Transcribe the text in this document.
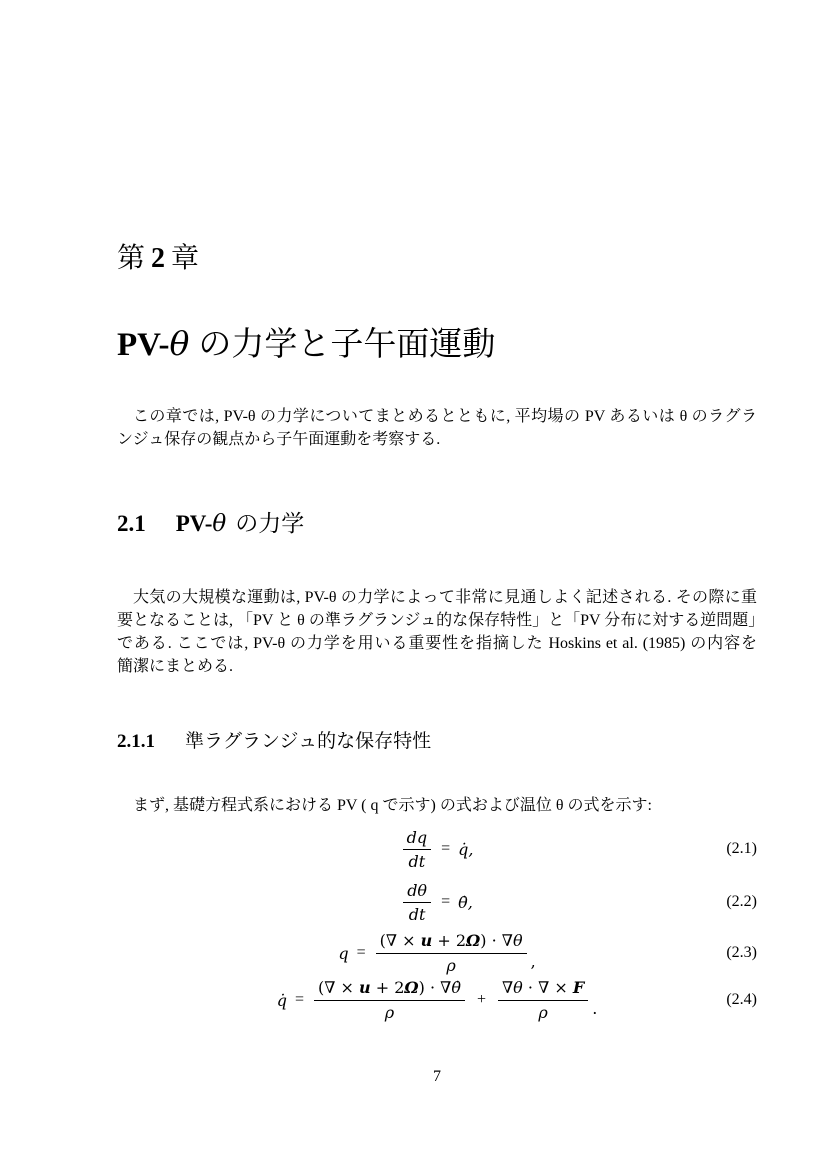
第 2 章
PV-θ の力学と子午面運動
この章では, PV-θ の力学についてまとめるとともに, 平均場の PV あるいは θ のラグラ
ンジュ保存の観点から子午面運動を考察する.
2.1 PV-θ の力学
大気の大規模な運動は, PV-θ の力学によって非常に見通しよく記述される. その際に重
要となることは, 「PV と θ の準ラグランジュ的な保存特性」と「PV 分布に対する逆問題」
である. ここでは, PV-θ の力学を用いる重要性を指摘した Hoskins et al. (1985) の内容を
簡潔にまとめる.
2.1.1 準ラグランジュ的な保存特性
まず, 基礎方程式系における PV ( q で示す) の式および温位 θ の式を示す:
$\frac{dq}{dt}$ = q̇,	(2.1)
$\frac{d\theta}{dt}$ = θ̇,	(2.2)
$q = \frac{(\nabla \times u + 2\Omega) \cdot \nabla\theta}{\rho}$ ,	(2.3)
q̇ = $\frac{(\nabla \times u + 2\Omega) \cdot \nabla\thetȧ}{\rho} + \frac{\nabla\theta \cdot \nabla \times F}{\rho}$ .	(2.4)
7
